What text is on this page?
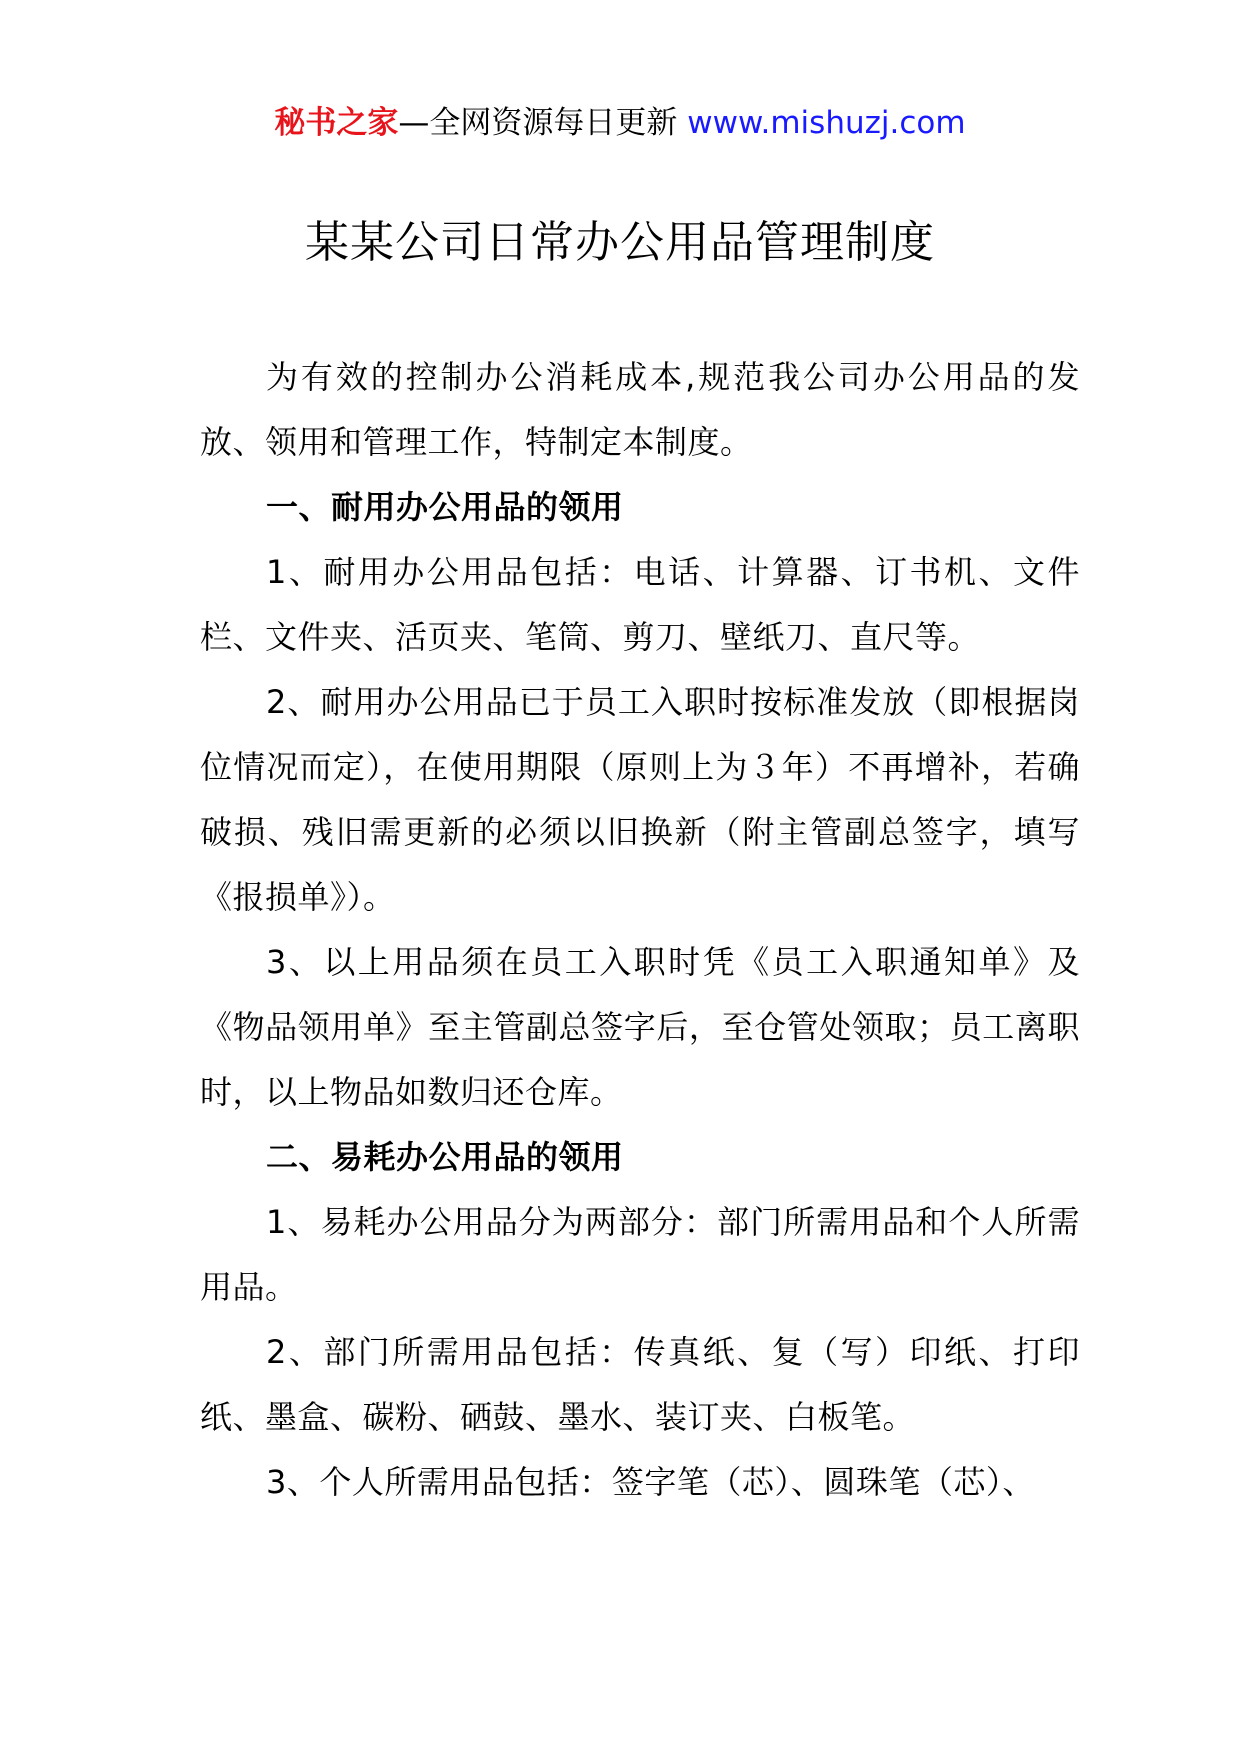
秘书之家—全网资源每日更新 www.mishuzj.com
某某公司日常办公用品管理制度

为有效的控制办公消耗成本,规范我公司办公用品的发放、领用和管理工作，特制定本制度。

一、耐用办公用品的领用

1、耐用办公用品包括：电话、计算器、订书机、文件栏、文件夹、活页夹、笔筒、剪刀、壁纸刀、直尺等。

2、耐用办公用品已于员工入职时按标准发放（即根据岗位情况而定），在使用期限（原则上为３年）不再增补，若确破损、残旧需更新的必须以旧换新（附主管副总签字，填写《报损单》）。

3、以上用品须在员工入职时凭《员工入职通知单》及《物品领用单》至主管副总签字后，至仓管处领取；员工离职时，以上物品如数归还仓库。

二、易耗办公用品的领用

1、易耗办公用品分为两部分：部门所需用品和个人所需用品。

2、部门所需用品包括：传真纸、复（写）印纸、打印纸、墨盒、碳粉、硒鼓、墨水、装订夹、白板笔。

3、个人所需用品包括：签字笔（芯）、圆珠笔（芯）、
